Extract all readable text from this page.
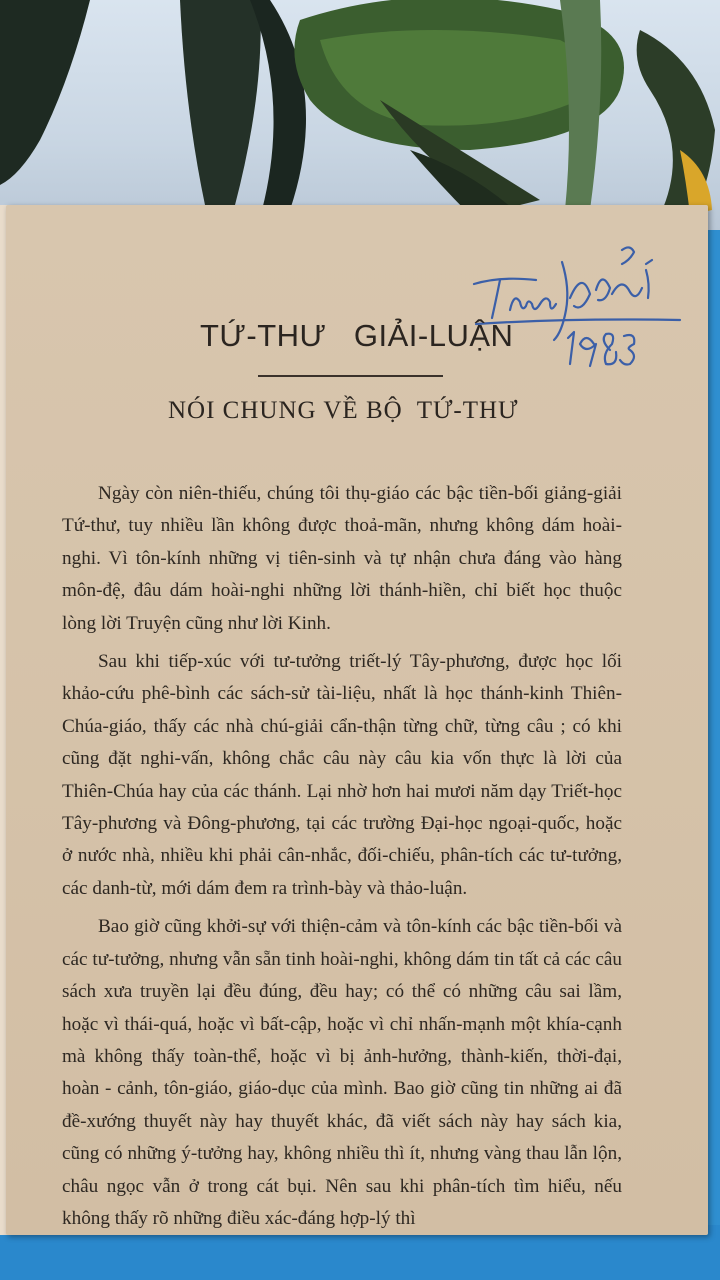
TỨ-THƯ   GIẢI-LUẬN
NÓI CHUNG VỀ BỘ  TỨ-THƯ

Ngày còn niên-thiếu, chúng tôi thụ-giáo các bậc tiền-bối giảng-giải Tứ-thư, tuy nhiều lần không được thoả-mãn, nhưng không dám hoài-nghi. Vì tôn-kính những vị tiên-sinh và tự nhận chưa đáng vào hàng môn-đệ, đâu dám hoài-nghi những lời thánh-hiền, chỉ biết học thuộc lòng lời Truyện cũng như lời Kinh.

Sau khi tiếp-xúc với tư-tưởng triết-lý Tây-phương, được học lối khảo-cứu phê-bình các sách-sử tài-liệu, nhất là học thánh-kinh Thiên-Chúa-giáo, thấy các nhà chú-giải cẩn-thận từng chữ, từng câu ; có khi cũng đặt nghi-vấn, không chắc câu này câu kia vốn thực là lời của Thiên-Chúa hay của các thánh. Lại nhờ hơn hai mươi năm dạy Triết-học Tây-phương và Đông-phương, tại các trường Đại-học ngoại-quốc, hoặc ở nước nhà, nhiều khi phải cân-nhắc, đối-chiếu, phân-tích các tư-tưởng, các danh-từ, mới dám đem ra trình-bày và thảo-luận.

Bao giờ cũng khởi-sự với thiện-cảm và tôn-kính các bậc tiền-bối và các tư-tưởng, nhưng vẫn sẵn tinh hoài-nghi, không dám tin tất cả các câu sách xưa truyền lại đều đúng, đều hay; có thể có những câu sai lầm, hoặc vì thái-quá, hoặc vì bất-cập, hoặc vì chỉ nhấn-mạnh một khía-cạnh mà không thấy toàn-thể, hoặc vì bị ảnh-hưởng, thành-kiến, thời-đại, hoàn - cảnh, tôn-giáo, giáo-dục của mình. Bao giờ cũng tin những ai đã đề-xướng thuyết này hay thuyết khác, đã viết sách này hay sách kia, cũng có những ý-tưởng hay, không nhiều thì ít, nhưng vàng thau lẫn lộn, châu ngọc vẫn ở trong cát bụi. Nên sau khi phân-tích tìm hiểu, nếu không thấy rõ những điều xác-đáng hợp-lý thì
